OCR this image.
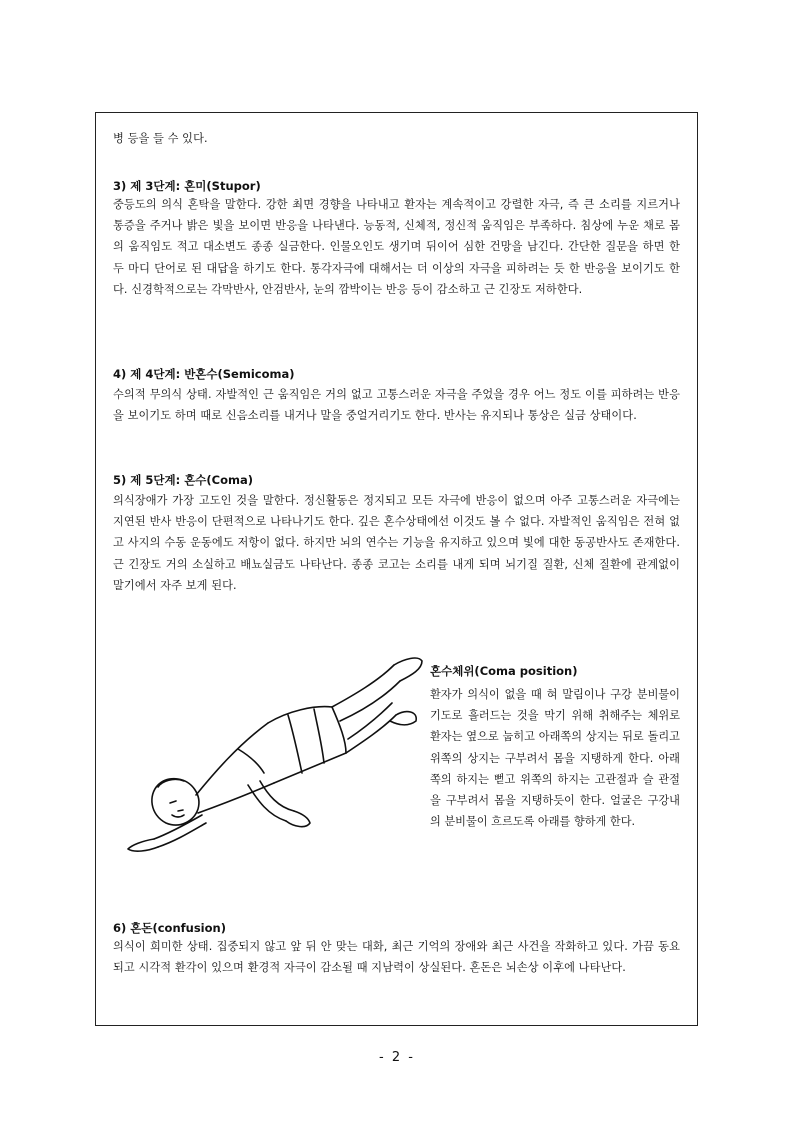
병 등을 들 수 있다.

3) 제 3단계: 혼미(Stupor)

중등도의 의식 혼탁을 말한다. 강한 최면 경향을 나타내고 환자는 계속적이고 강렬한 자극, 즉 큰 소리를 지르거나 통증을 주거나 밝은 빛을 보이면 반응을 나타낸다. 능동적, 신체적, 정신적 움직임은 부족하다. 침상에 누운 채로 몸의 움직임도 적고 대소변도 종종 실금한다. 인물오인도 생기며 뒤이어 심한 건망을 남긴다. 간단한 질문을 하면 한 두 마디 단어로 된 대답을 하기도 한다. 통각자극에 대해서는 더 이상의 자극을 피하려는 듯 한 반응을 보이기도 한다. 신경학적으로는 각막반사, 안검반사, 눈의 깜박이는 반응 등이 감소하고 근 긴장도 저하한다.

4) 제 4단계: 반혼수(Semicoma)

수의적 무의식 상태. 자발적인 근 움직임은 거의 없고 고통스러운 자극을 주었을 경우 어느 정도 이를 피하려는 반응을 보이기도 하며 때로 신음소리를 내거나 말을 중얼거리기도 한다. 반사는 유지되나 통상은 실금 상태이다.

5) 제 5단계: 혼수(Coma)

의식장애가 가장 고도인 것을 말한다. 정신활동은 정지되고 모든 자극에 반응이 없으며 아주 고통스러운 자극에는 지연된 반사 반응이 단편적으로 나타나기도 한다. 깊은 혼수상태에선 이것도 볼 수 없다. 자발적인 움직임은 전혀 없고 사지의 수동 운동에도 저항이 없다. 하지만 뇌의 연수는 기능을 유지하고 있으며 빛에 대한 동공반사도 존재한다. 근 긴장도 거의 소실하고 배뇨실금도 나타난다. 종종 코고는 소리를 내게 되며 뇌기질 질환, 신체 질환에 관계없이 말기에서 자주 보게 된다.

혼수체위(Coma position)

환자가 의식이 없을 때 혀 말림이나 구강 분비물이 기도로 흘러드는 것을 막기 위해 취해주는 체위로 환자는 옆으로 눕히고 아래쪽의 상지는 뒤로 돌리고 위쪽의 상지는 구부려서 몸을 지탱하게 한다. 아래쪽의 하지는 뻗고 위쪽의 하지는 고관절과 슬 관절을 구부려서 몸을 지탱하듯이 한다. 얼굴은 구강내의 분비물이 흐르도록 아래를 향하게 한다.

6) 혼돈(confusion)

의식이 희미한 상태. 집중되지 않고 앞 뒤 안 맞는 대화, 최근 기억의 장애와 최근 사건을 작화하고 있다. 가끔 동요되고 시각적 환각이 있으며 환경적 자극이 감소될 때 지남력이 상실된다. 혼돈은 뇌손상 이후에 나타난다.

- 2 -
